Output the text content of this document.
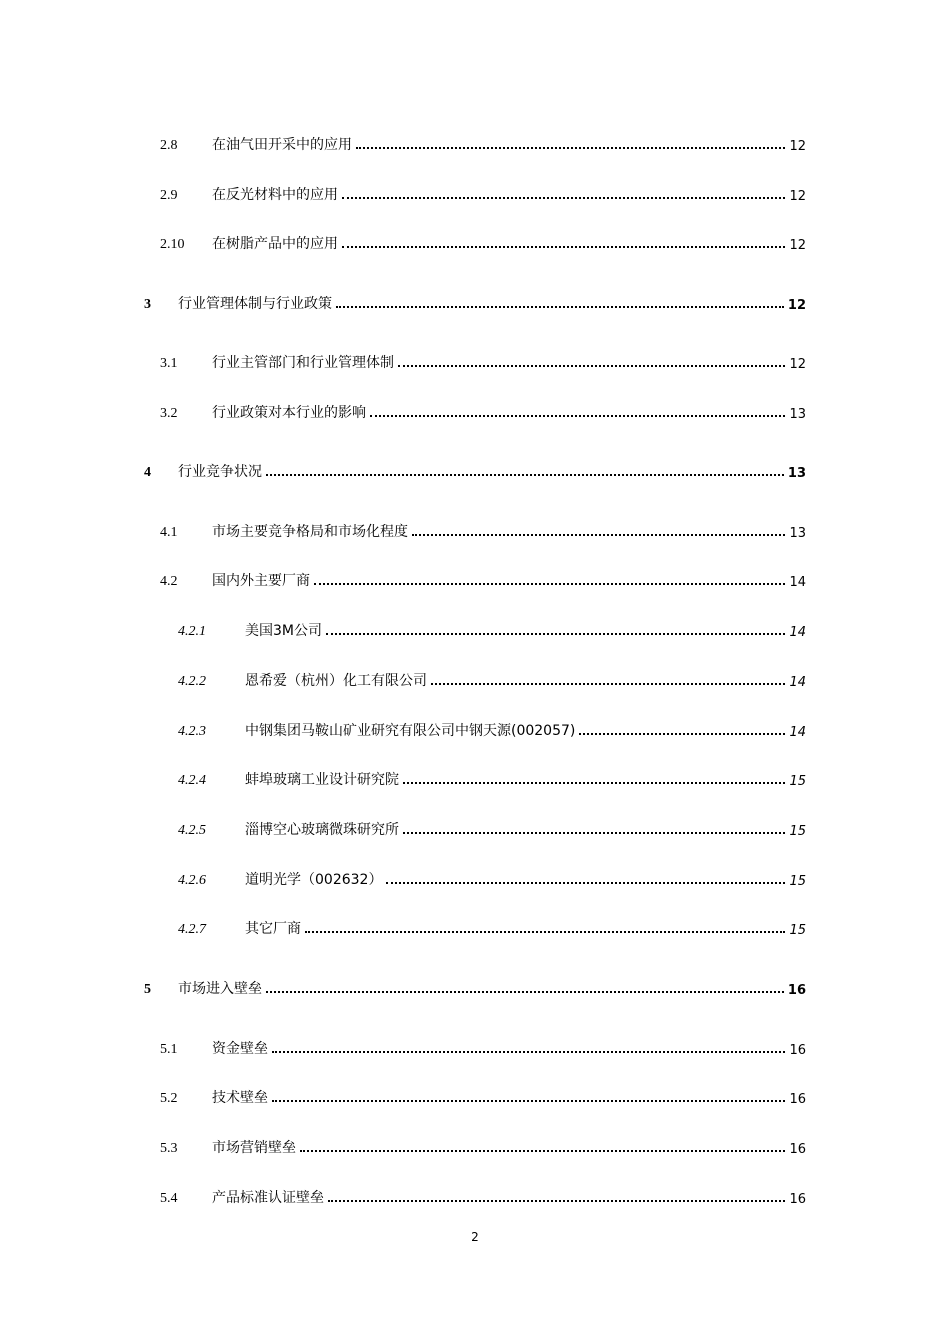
2.8	在油气田开采中的应用	12
2.9	在反光材料中的应用	12
2.10	在树脂产品中的应用	12
3	行业管理体制与行业政策	12
3.1	行业主管部门和行业管理体制	12
3.2	行业政策对本行业的影响	13
4	行业竞争状况	13
4.1	市场主要竞争格局和市场化程度	13
4.2	国内外主要厂商	14
4.2.1	美国3M公司	14
4.2.2	恩希爱（杭州）化工有限公司	14
4.2.3	中钢集团马鞍山矿业研究有限公司中钢天源(002057)	14
4.2.4	蚌埠玻璃工业设计研究院	15
4.2.5	淄博空心玻璃微珠研究所	15
4.2.6	道明光学（002632）	15
4.2.7	其它厂商	15
5	市场进入壁垒	16
5.1	资金壁垒	16
5.2	技术壁垒	16
5.3	市场营销壁垒	16
5.4	产品标准认证壁垒	16
2
